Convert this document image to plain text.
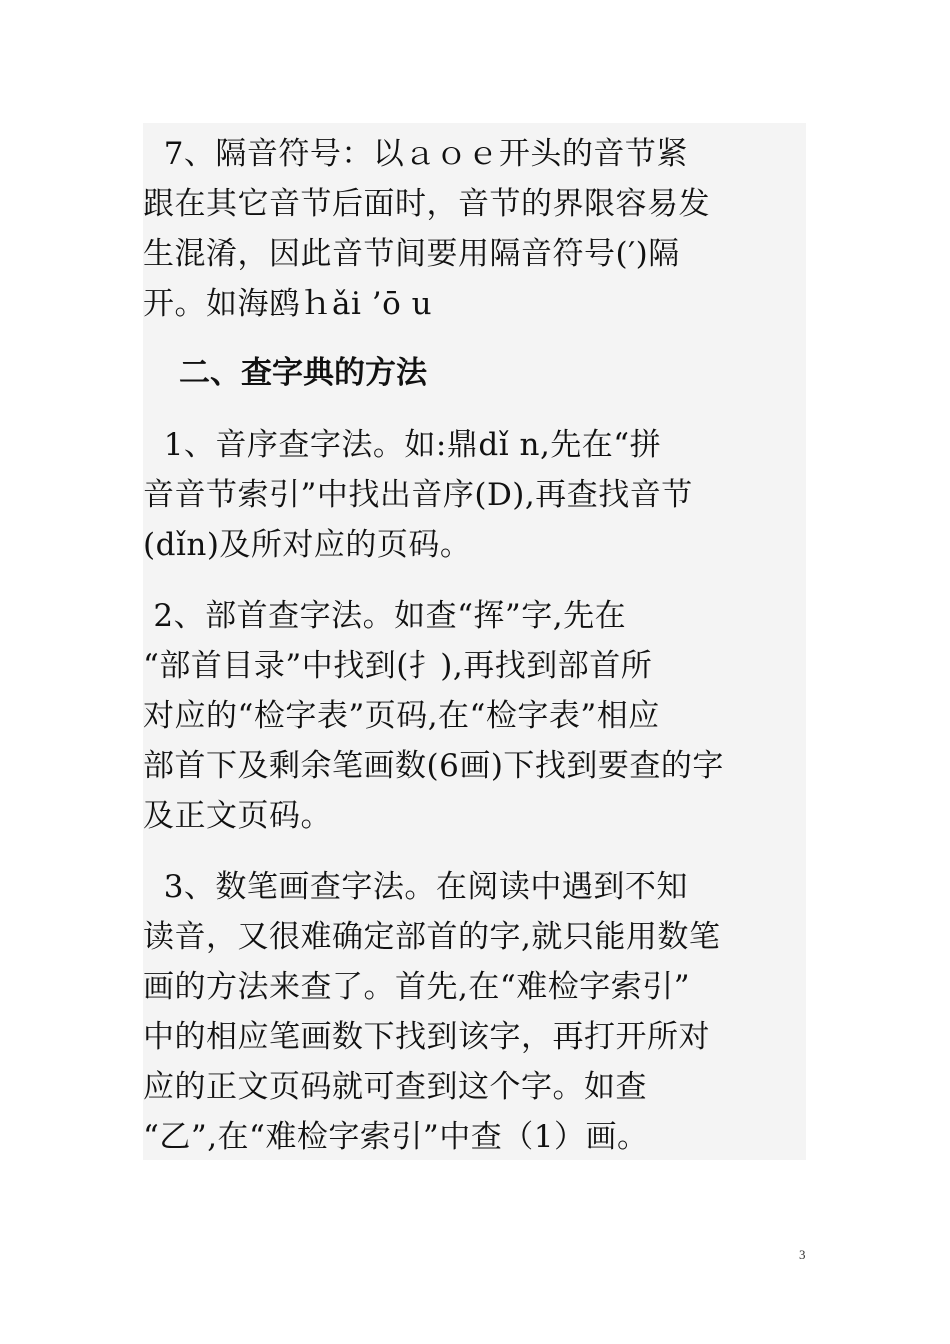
7、隔音符号：以ａｏｅ开头的音节紧
跟在其它音节后面时，音节的界限容易发
生混淆，因此音节间要用隔音符号(′)隔
开。如海鸥ｈǎi ’ō u
二、查字典的方法
1、音序查字法。如:鼎dǐ n,先在“拼
音音节索引”中找出音序(D),再查找音节
(dǐn)及所对应的页码。
2、部首查字法。如查“挥”字,先在
“部首目录”中找到(扌),再找到部首所
对应的“检字表”页码,在“检字表”相应
部首下及剩余笔画数(6画)下找到要查的字
及正文页码。
3、数笔画查字法。在阅读中遇到不知
读音，又很难确定部首的字,就只能用数笔
画的方法来查了。首先,在“难检字索引”
中的相应笔画数下找到该字，再打开所对
应的正文页码就可查到这个字。如查
“乙”,在“难检字索引”中查（1）画。
3
